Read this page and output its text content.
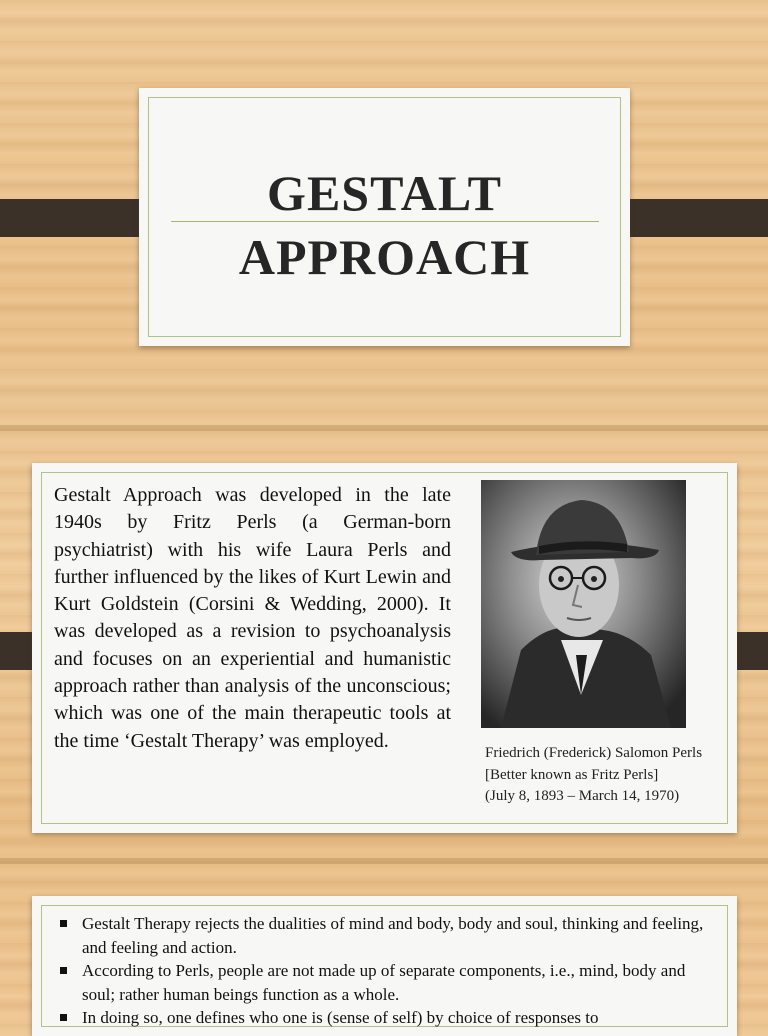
GESTALT
APPROACH

Gestalt Approach was developed in the late 1940s by Fritz Perls (a German-born psychiatrist) with his wife Laura Perls and further influenced by the likes of Kurt Lewin and Kurt Goldstein (Corsini & Wedding, 2000). It was developed as a revision to psychoanalysis and focuses on an experiential and humanistic approach rather than analysis of the unconscious; which was one of the main therapeutic tools at the time ‘Gestalt Therapy’ was employed.

Friedrich (Frederick) Salomon Perls
[Better known as Fritz Perls]
(July 8, 1893 – March 14, 1970)
Gestalt Therapy rejects the dualities of mind and body, body and soul, thinking and feeling, and feeling and action.
According to Perls, people are not made up of separate components, i.e., mind, body and soul; rather human beings function as a whole.
In doing so, one defines who one is (sense of self) by choice of responses to
